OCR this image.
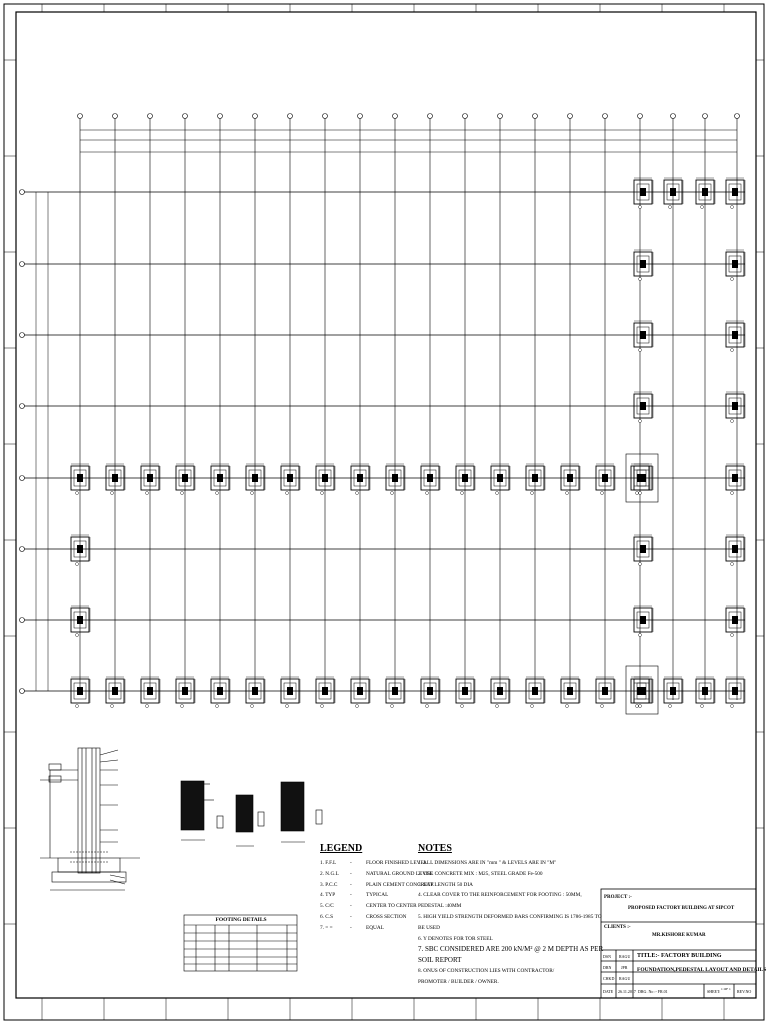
LEGEND
1. F.F.L	-	FLOOR FINISHED LEVEL
2. N.G.L	-	NATURAL GROUND LEVEL
3. P.C.C	-	PLAIN CEMENT CONCRETE
4. TYP	-	TYPICAL
5. C/C	-	CENTER TO CENTER
6. C.S	-	CROSS SECTION
7. = =	-	EQUAL
NOTES
1. ALL DIMENSIONS ARE IN "mm " & LEVELS ARE IN "M"
2. USE CONCRETE MIX : M25, STEEL GRADE Fe-500
3. LAP LENGTH 50 DIA
4. CLEAR COVER TO THE REINFORCEMENT FOR FOOTING : 50MM, PEDESTAL :40MM
5. HIGH YIELD STRENGTH DEFORMED BARS CONFIRMING IS 1786-1985 TO BE USED
6. Y DENOTES FOR TOR STEEL
7. SBC CONSIDERED ARE 200 kN/M² @ 2 M DEPTH AS PER SOIL REPORT
8. ONUS OF CONSTRUCTION LIES WITH CONTRACTOR/
PROMOTER / BUILDER / OWNER.
FOOTING DETAILS
PROJECT :-
PROPOSED FACTORY BUILDING AT SIPCOT
CLIENTS :-
MR.KISHORE KUMAR
DSN RAGU
DRN JPR
CHKD RAGU
DATE 26.11.2017
TITLE:- FACTORY BUILDING
FOUNDATION,PEDESTAL LAYOUT AND DETAILS
DRG. No :- FR.01	SHEET: 1 OF 1 REV.NO
